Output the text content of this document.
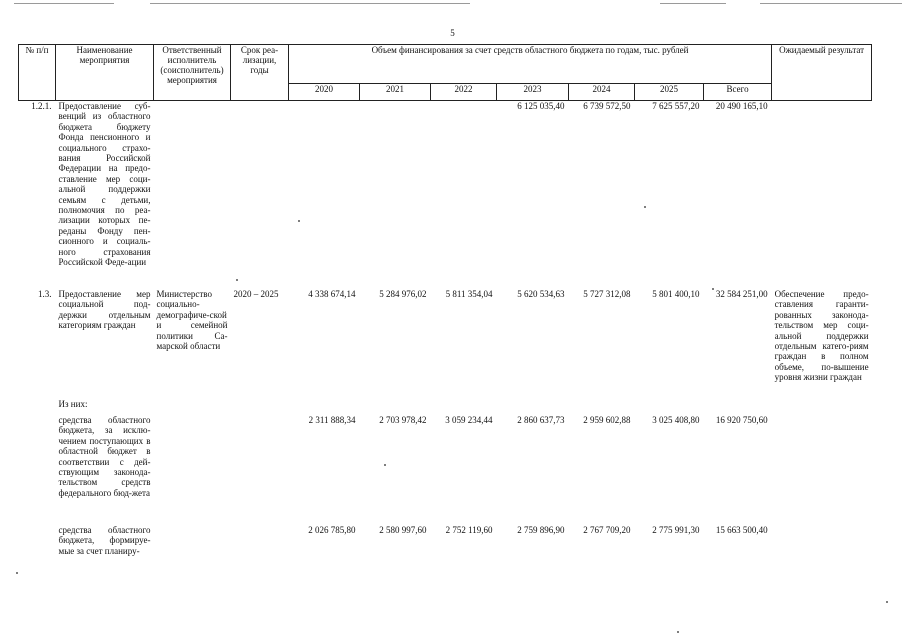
5
№ п/п	Наименование мероприятия	Ответственный исполнитель (соисполнитель) мероприятия	Срок реа-лизации, годы	Объем финансирования за счет средств областного бюджета по годам, тыс. рублей							Ожидаемый результат
				2020	2021	2022	2023	2024	2025	Всего	
1.2.1.	Предоставление суб-венций из областного бюджета бюджету Фонда пенсионного и социального страхо-вания Российской Федерации на предо-ставление мер соци-альной поддержки семьям с детьми, полномочия по реа-лизации которых пе-реданы Фонду пен-сионного и социаль-ного страхования Российской Феде-ации						6 125 035,40	6 739 572,50	7 625 557,20	20 490 165,10	
1.3.	Предоставление мер социальной под-держки отдельным категориям граждан	Министерство социально-демографиче-ской и семейной политики Са-марской области	2020 – 2025	4 338 674,14	5 284 976,02	5 811 354,04	5 620 534,63	5 727 312,08	5 801 400,10	32 584 251,00	Обеспечение предо-ставления гаранти-рованных законода-тельством мер соци-альной поддержки отдельным катего-риям граждан в полном объеме, по-вышение уровня жизни граждан
	Из них:										
	средства областного бюджета, за исклю-чением поступающих в областной бюджет в соответствии с дей-ствующим законода-тельством средств федерального бюд-жета			2 311 888,34	2 703 978,42	3 059 234,44	2 860 637,73	2 959 602,88	3 025 408,80	16 920 750,60	
	средства областного бюджета, формируе-мые за счет планиру-			2 026 785,80	2 580 997,60	2 752 119,60	2 759 896,90	2 767 709,20	2 775 991,30	15 663 500,40	
